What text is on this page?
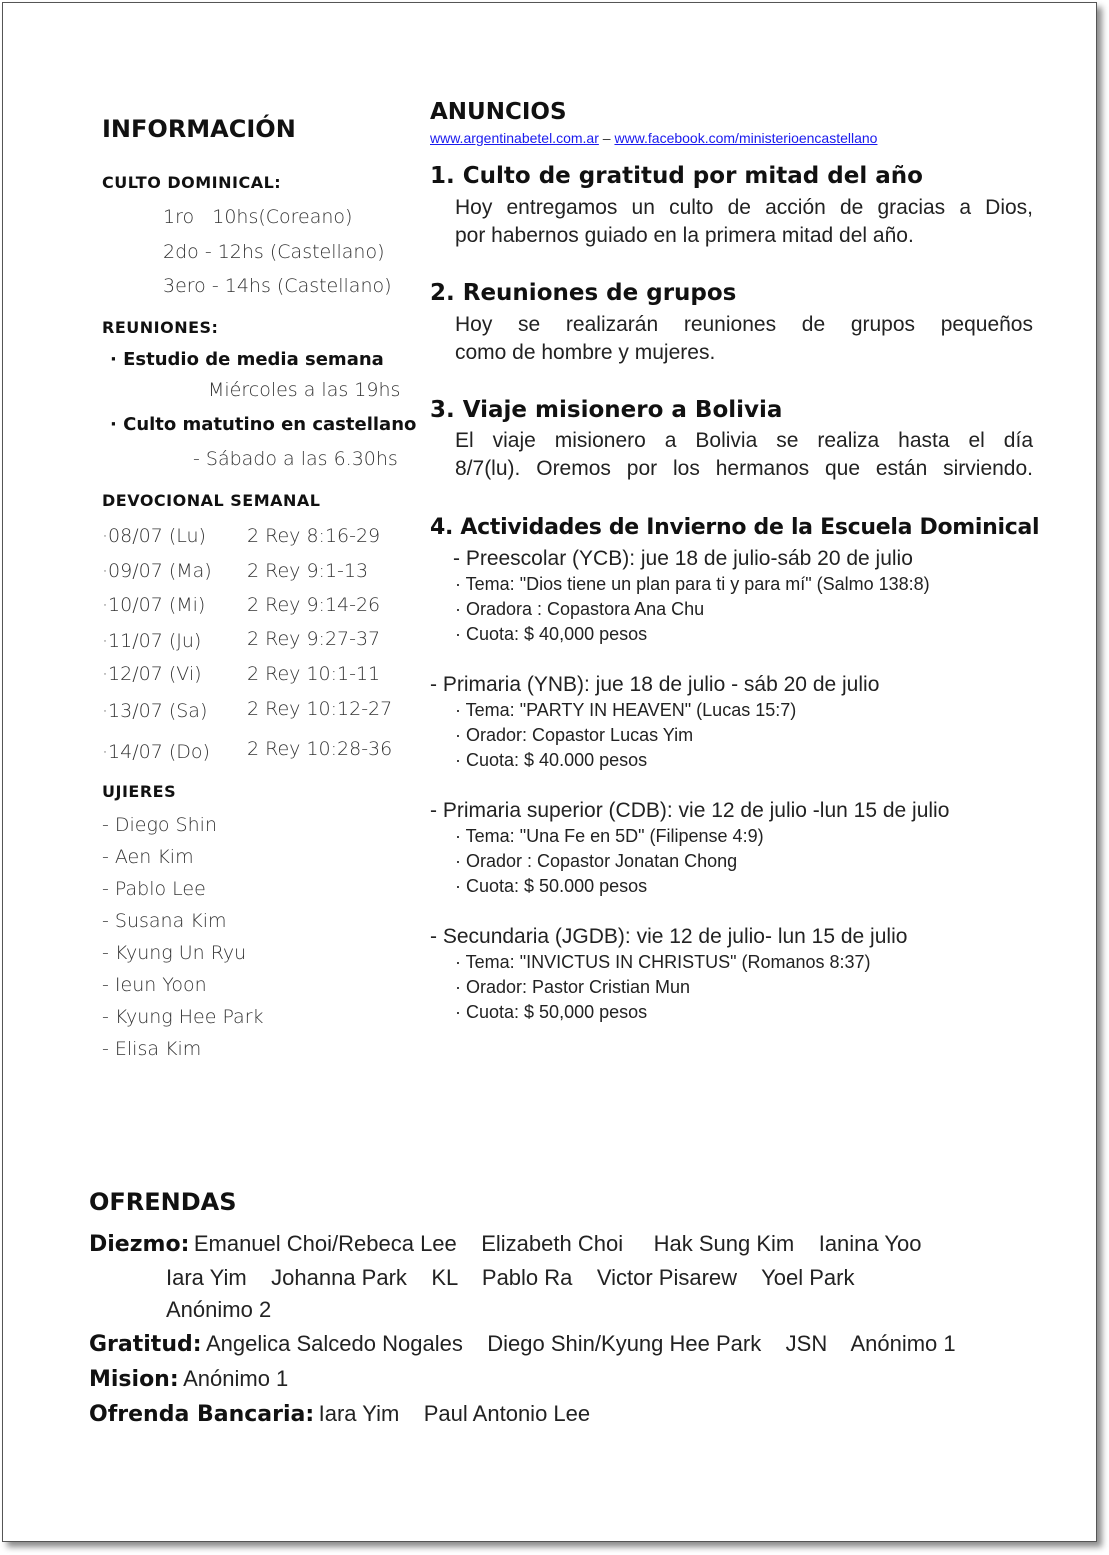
INFORMACIÓN
CULTO DOMINICAL:
1ro   10hs(Coreano)
2do - 12hs (Castellano)
3ero - 14hs (Castellano)
REUNIONES:
· Estudio de media semana
Miércoles a las 19hs
· Culto matutino en castellano
- Sábado a las 6.30hs
DEVOCIONAL SEMANAL
·08/07 (Lu) 2 Rey 8:16-29
·09/07 (Ma) 2 Rey 9:1-13
·10/07 (Mi) 2 Rey 9:14-26
·11/07 (Ju) 2 Rey 9:27-37
·12/07 (Vi) 2 Rey 10:1-11
·13/07 (Sa) 2 Rey 10:12-27
·14/07 (Do) 2 Rey 10:28-36
UJIERES
- Diego Shin
- Aen Kim
- Pablo Lee
- Susana Kim
- Kyung Un Ryu
- Ieun Yoon
- Kyung Hee Park
- Elisa Kim
ANUNCIOS
www.argentinabetel.com.ar – www.facebook.com/ministerioencastellano
1. Culto de gratitud por mitad del año
Hoy entregamos un culto de acción de gracias a Dios,
por habernos guiado en la primera mitad del año.
2. Reuniones de grupos
Hoy se realizarán reuniones de grupos pequeños
como de hombre y mujeres.
3. Viaje misionero a Bolivia
El viaje misionero a Bolivia se realiza hasta el día
8/7(lu). Oremos por los hermanos que están sirviendo.
4. Actividades de Invierno de la Escuela Dominical
- Preescolar (YCB): jue 18 de julio-sáb 20 de julio
· Tema: "Dios tiene un plan para ti y para mí" (Salmo 138:8)
· Oradora : Copastora Ana Chu
· Cuota: $ 40,000 pesos
- Primaria (YNB): jue 18 de julio - sáb 20 de julio
· Tema: "PARTY IN HEAVEN" (Lucas 15:7)
· Orador: Copastor Lucas Yim
· Cuota: $ 40.000 pesos
- Primaria superior (CDB): vie 12 de julio -lun 15 de julio
· Tema: "Una Fe en 5D" (Filipense 4:9)
· Orador : Copastor Jonatan Chong
· Cuota: $ 50.000 pesos
- Secundaria (JGDB): vie 12 de julio- lun 15 de julio
· Tema: "INVICTUS IN CHRISTUS" (Romanos 8:37)
· Orador: Pastor Cristian Mun
· Cuota: $ 50,000 pesos
OFRENDAS
Diezmo: Emanuel Choi/Rebeca Lee    Elizabeth Choi     Hak Sung Kim    Ianina Yoo
Iara Yim    Johanna Park    KL    Pablo Ra    Victor Pisarew    Yoel Park
Anónimo 2
Gratitud: Angelica Salcedo Nogales    Diego Shin/Kyung Hee Park    JSN    Anónimo 1
Mision: Anónimo 1
Ofrenda Bancaria: Iara Yim    Paul Antonio Lee
